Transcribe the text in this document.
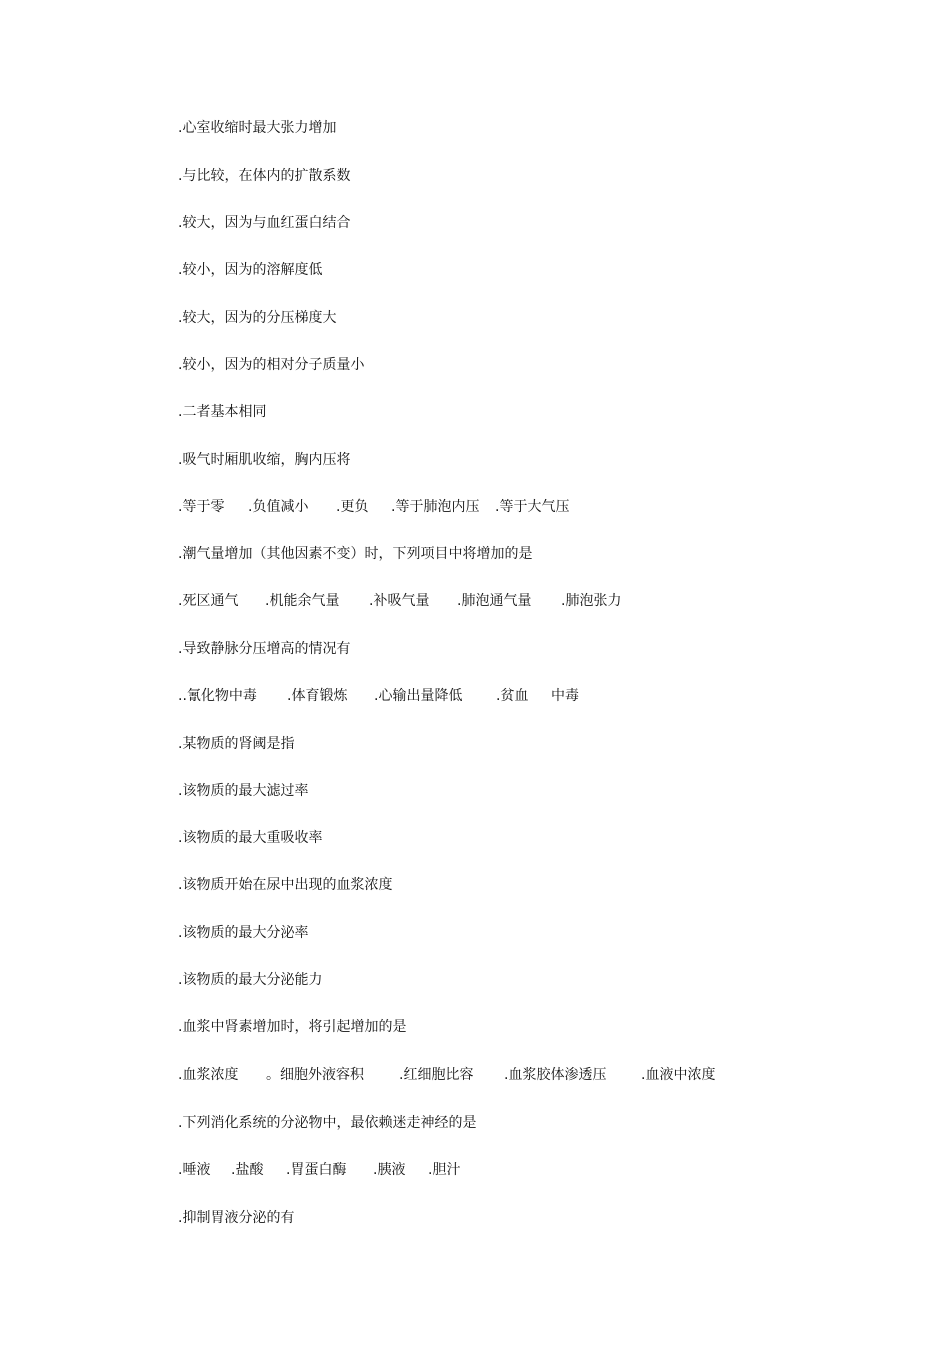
.心室收缩时最大张力增加
.与比较，在体内的扩散系数
.较大，因为与血红蛋白结合
.较小，因为的溶解度低
.较大，因为的分压梯度大
.较小，因为的相对分子质量小
.二者基本相同
.吸气时厢肌收缩，胸内压将
.等于零 .负值减小 .更负 .等于肺泡内压 .等于大气压
.潮气量增加（其他因素不变）时，下列项目中将增加的是
.死区通气 .机能余气量 .补吸气量 .肺泡通气量 .肺泡张力
.导致静脉分压增高的情况有
..氰化物中毒 .体育锻炼 .心输出量降低 .贫血 中毒
.某物质的肾阈是指
.该物质的最大滤过率
.该物质的最大重吸收率
.该物质开始在尿中出现的血浆浓度
.该物质的最大分泌率
.该物质的最大分泌能力
.血浆中肾素增加时，将引起增加的是
.血浆浓度 。细胞外液容积	.红细胞比容 .血浆胶体渗透压 .血液中浓度
.下列消化系统的分泌物中，最依赖迷走神经的是
.唾液 .盐酸 .胃蛋白酶 .胰液 .胆汁
.抑制胃液分泌的有
